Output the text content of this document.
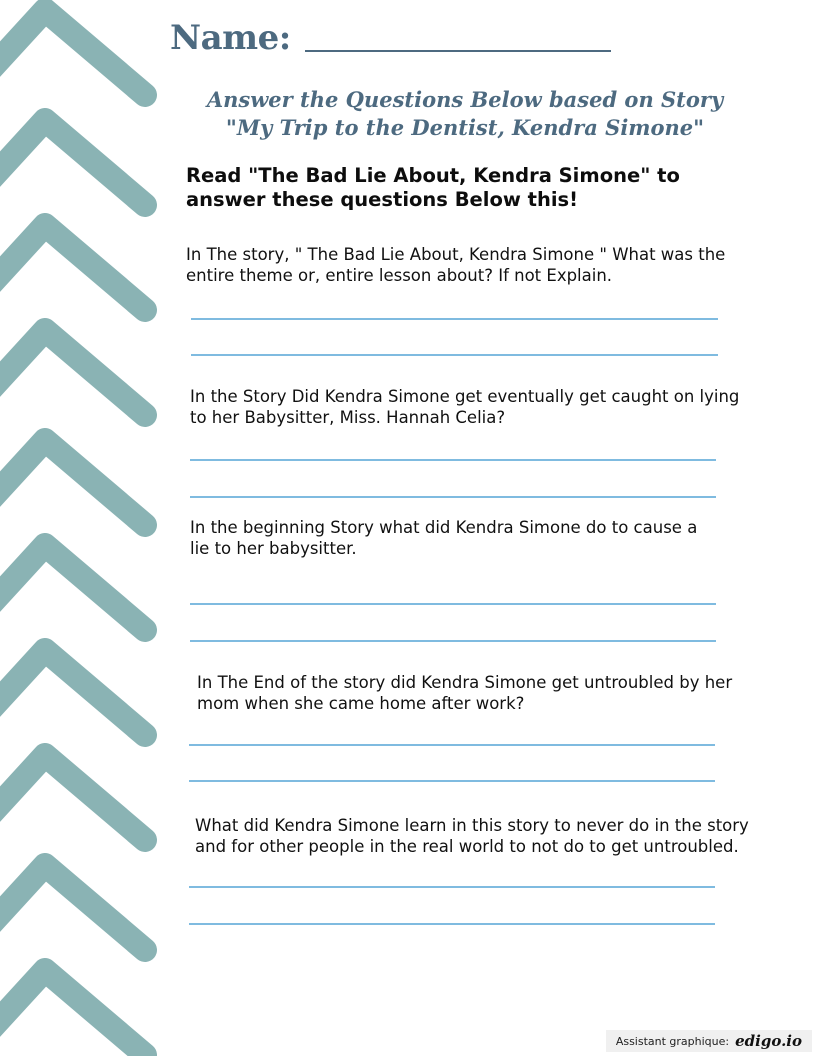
Name:
Answer the Questions Below based on Story
"My Trip to the Dentist, Kendra Simone"
Read "The Bad Lie About, Kendra Simone" to answer these questions Below this!
In The story, " The Bad Lie About, Kendra Simone " What was the entire theme or, entire lesson about? If not Explain.
In the Story Did Kendra Simone get eventually get caught on lying to her Babysitter, Miss. Hannah Celia?
In the beginning Story what did Kendra Simone do to cause a lie to her babysitter.
In The End of the story did Kendra Simone get untroubled by her mom when she came home after work?
What did Kendra Simone learn in this story to never do in the story and for other people in the real world to not do to get untroubled.
Assistant graphique: edigo.io
